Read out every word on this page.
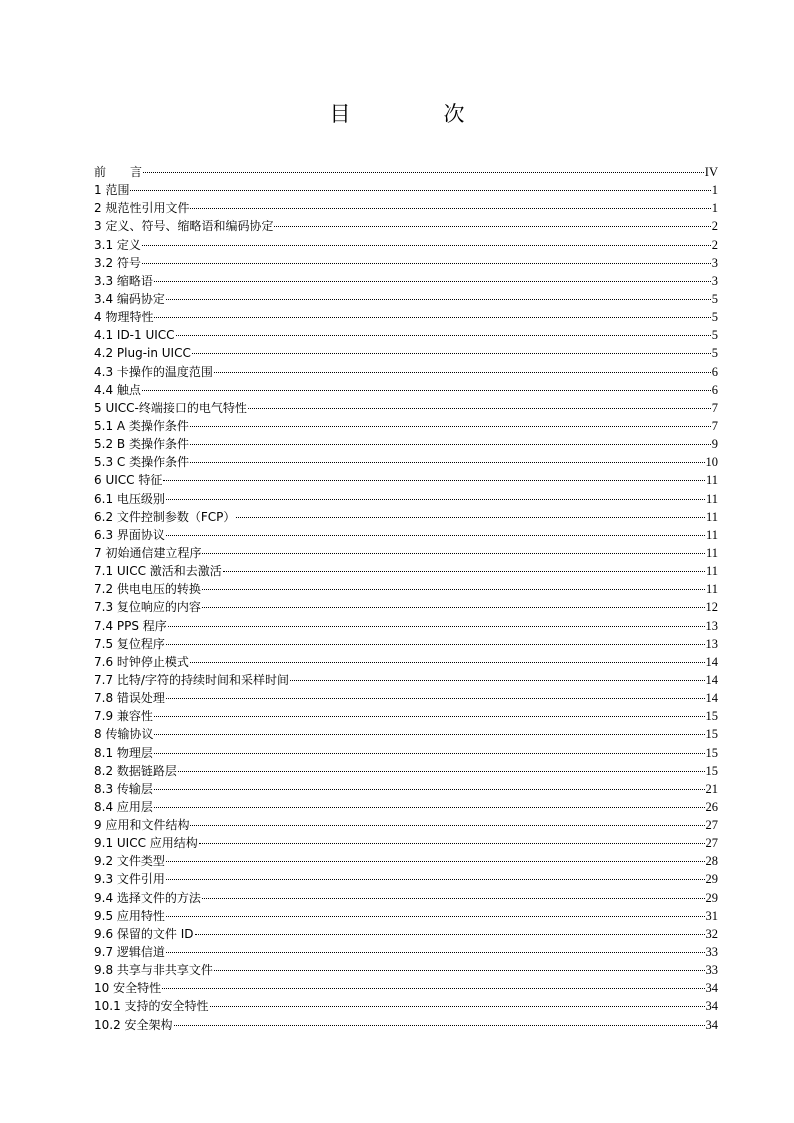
目　次
前　　言	IV
1 范围	1
2 规范性引用文件	1
3 定义、符号、缩略语和编码协定	2
3.1 定义	2
3.2 符号	3
3.3 缩略语	3
3.4 编码协定	5
4 物理特性	5
4.1 ID-1 UICC	5
4.2 Plug-in UICC	5
4.3 卡操作的温度范围	6
4.4 触点	6
5 UICC-终端接口的电气特性	7
5.1 A 类操作条件	7
5.2 B 类操作条件	9
5.3 C 类操作条件	10
6 UICC 特征	11
6.1 电压级别	11
6.2 文件控制参数（FCP）	11
6.3 界面协议	11
7 初始通信建立程序	11
7.1 UICC 激活和去激活	11
7.2 供电电压的转换	11
7.3 复位响应的内容	12
7.4 PPS 程序	13
7.5 复位程序	13
7.6 时钟停止模式	14
7.7 比特/字符的持续时间和采样时间	14
7.8 错误处理	14
7.9 兼容性	15
8 传输协议	15
8.1 物理层	15
8.2 数据链路层	15
8.3 传输层	21
8.4 应用层	26
9 应用和文件结构	27
9.1 UICC 应用结构	27
9.2 文件类型	28
9.3 文件引用	29
9.4 选择文件的方法	29
9.5 应用特性	31
9.6 保留的文件 ID	32
9.7 逻辑信道	33
9.8 共享与非共享文件	33
10 安全特性	34
10.1 支持的安全特性	34
10.2 安全架构	34
